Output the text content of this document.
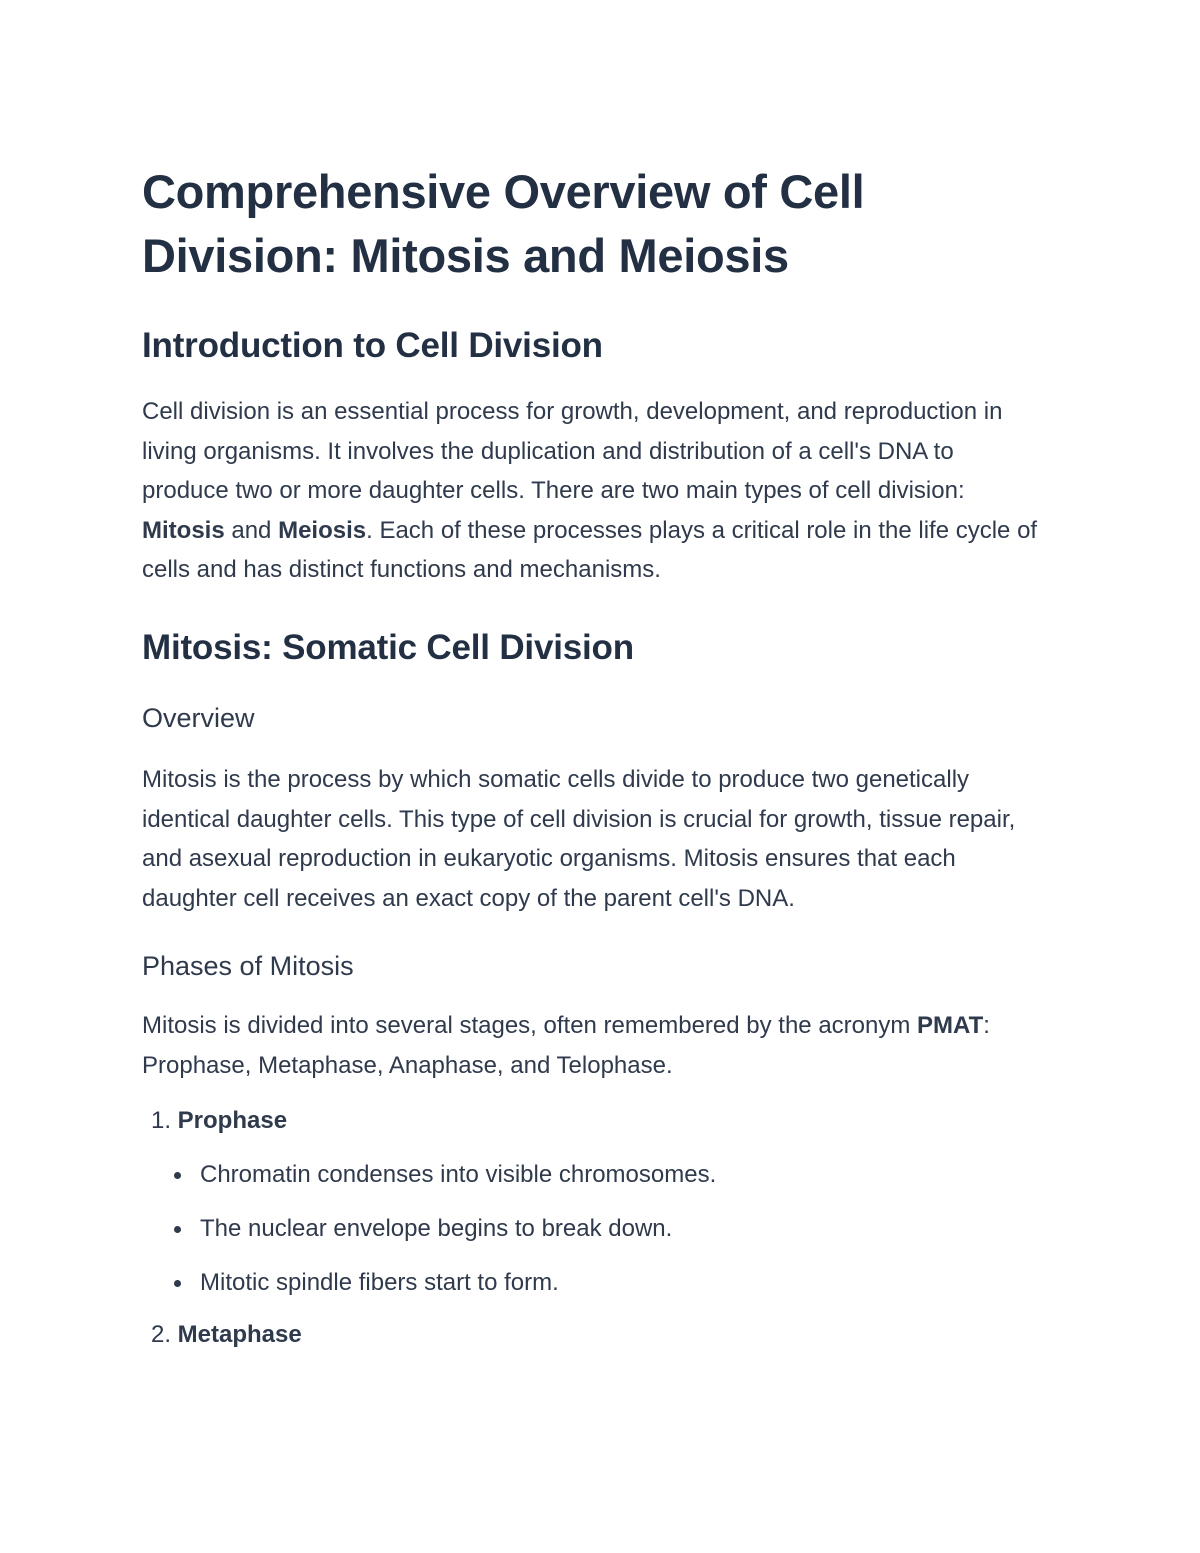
Comprehensive Overview of Cell Division: Mitosis and Meiosis
Introduction to Cell Division

Cell division is an essential process for growth, development, and reproduction in living organisms. It involves the duplication and distribution of a cell's DNA to produce two or more daughter cells. There are two main types of cell division: Mitosis and Meiosis. Each of these processes plays a critical role in the life cycle of cells and has distinct functions and mechanisms.

Mitosis: Somatic Cell Division
Overview

Mitosis is the process by which somatic cells divide to produce two genetically identical daughter cells. This type of cell division is crucial for growth, tissue repair, and asexual reproduction in eukaryotic organisms. Mitosis ensures that each daughter cell receives an exact copy of the parent cell's DNA.

Phases of Mitosis

Mitosis is divided into several stages, often remembered by the acronym PMAT: Prophase, Metaphase, Anaphase, and Telophase.

1. Prophase
Chromatin condenses into visible chromosomes.
The nuclear envelope begins to break down.
Mitotic spindle fibers start to form.
2. Metaphase
